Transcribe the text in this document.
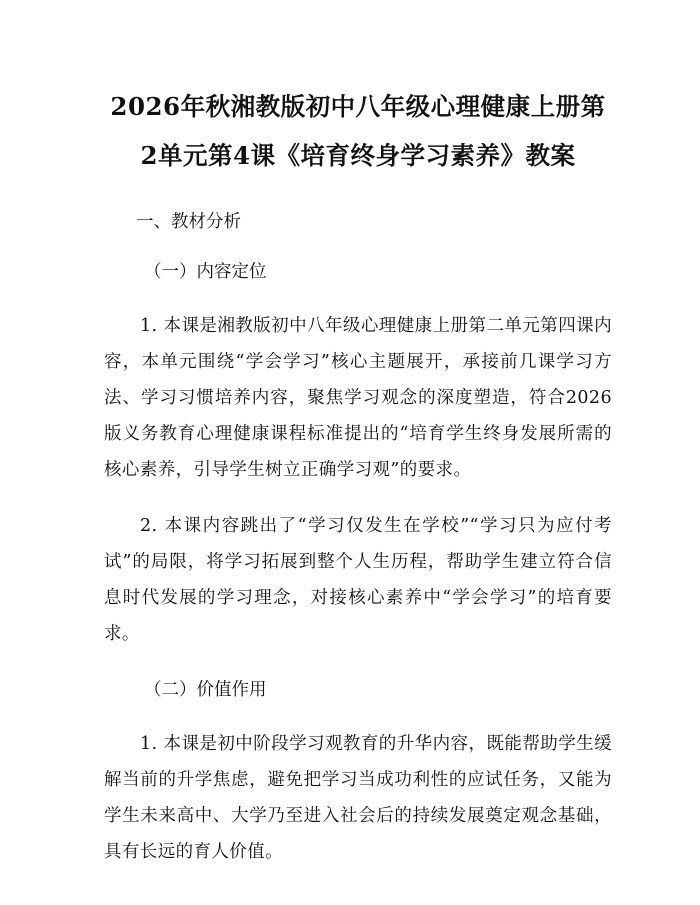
2026年秋湘教版初中八年级心理健康上册第
2单元第4课《培育终身学习素养》教案

一、教材分析

（一）内容定位

1. 本课是湘教版初中八年级心理健康上册第二单元第四课内容，本单元围绕“学会学习”核心主题展开，承接前几课学习方法、学习习惯培养内容，聚焦学习观念的深度塑造，符合2026版义务教育心理健康课程标准提出的“培育学生终身发展所需的核心素养，引导学生树立正确学习观”的要求。

2. 本课内容跳出了“学习仅发生在学校”“学习只为应付考试”的局限，将学习拓展到整个人生历程，帮助学生建立符合信息时代发展的学习理念，对接核心素养中“学会学习”的培育要求。

（二）价值作用

1. 本课是初中阶段学习观教育的升华内容，既能帮助学生缓解当前的升学焦虑，避免把学习当成功利性的应试任务，又能为学生未来高中、大学乃至进入社会后的持续发展奠定观念基础，具有长远的育人价值。
